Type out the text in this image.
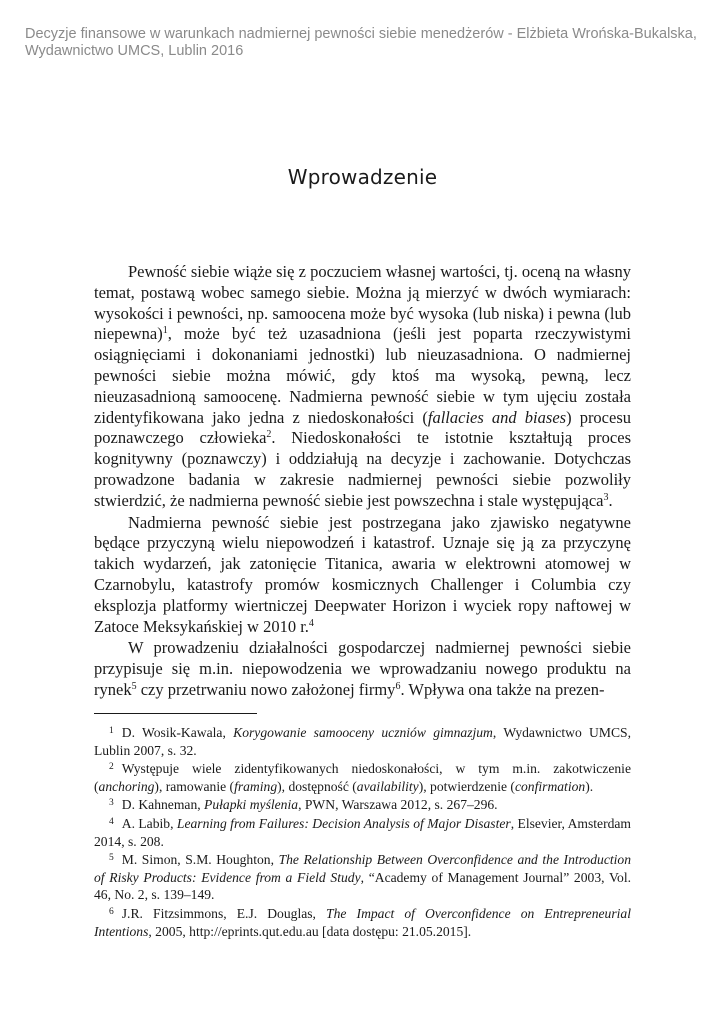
Decyzje finansowe w warunkach nadmiernej pewności siebie menedżerów - Elżbieta Wrońska-Bukalska,
Wydawnictwo UMCS, Lublin 2016
Wprowadzenie

Pewność siebie wiąże się z poczuciem własnej wartości, tj. oceną na własny temat, postawą wobec samego siebie. Można ją mierzyć w dwóch wymiarach: wysokości i pewności, np. samoocena może być wysoka (lub niska) i pewna (lub niepewna)$^1$, może być też uzasadniona (jeśli jest poparta rzeczywistymi osiągnięciami i dokonaniami jednostki) lub nieuzasadniona. O nadmiernej pewności siebie można mówić, gdy ktoś ma wysoką, pewną, lecz nieuzasadnioną samoocenę. Nadmierna pewność siebie w tym ujęciu została zidentyfikowana jako jedna z niedoskonałości (fallacies and biases) procesu poznawczego człowieka$^2$. Niedoskonałości te istotnie kształtują proces kognitywny (poznawczy) i oddziałują na decyzje i zachowanie. Dotychczas prowadzone badania w zakresie nadmiernej pewności siebie pozwoliły stwierdzić, że nadmierna pewność siebie jest powszechna i stale występująca$^3$.

Nadmierna pewność siebie jest postrzegana jako zjawisko negatywne będące przyczyną wielu niepowodzeń i katastrof. Uznaje się ją za przyczynę takich wydarzeń, jak zatonięcie Titanica, awaria w elektrowni atomowej w Czarnobylu, katastrofy promów kosmicznych Challenger i Columbia czy eksplozja platformy wiertniczej Deepwater Horizon i wyciek ropy naftowej w Zatoce Meksykańskiej w 2010 r.$^4$

W prowadzeniu działalności gospodarczej nadmiernej pewności siebie przypisuje się m.in. niepowodzenia we wprowadzaniu nowego produktu na rynek$^5$ czy przetrwaniu nowo założonej firmy$^6$. Wpływa ona także na prezen-

$^1$ D. Wosik-Kawala, Korygowanie samooceny uczniów gimnazjum, Wydawnictwo UMCS, Lublin 2007, s. 32.
$^2$ Występuje wiele zidentyfikowanych niedoskonałości, w tym m.in. zakotwiczenie (anchoring), ramowanie (framing), dostępność (availability), potwierdzenie (confirmation).
$^3$ D. Kahneman, Pułapki myślenia, PWN, Warszawa 2012, s. 267–296.
$^4$ A. Labib, Learning from Failures: Decision Analysis of Major Disaster, Elsevier, Amsterdam 2014, s. 208.
$^5$ M. Simon, S.M. Houghton, The Relationship Between Overconfidence and the Introduction of Risky Products: Evidence from a Field Study, “Academy of Management Journal” 2003, Vol. 46, No. 2, s. 139–149.
$^6$ J.R. Fitzsimmons, E.J. Douglas, The Impact of Overconfidence on Entrepreneurial Intentions, 2005, http://eprints.qut.edu.au [data dostępu: 21.05.2015].
